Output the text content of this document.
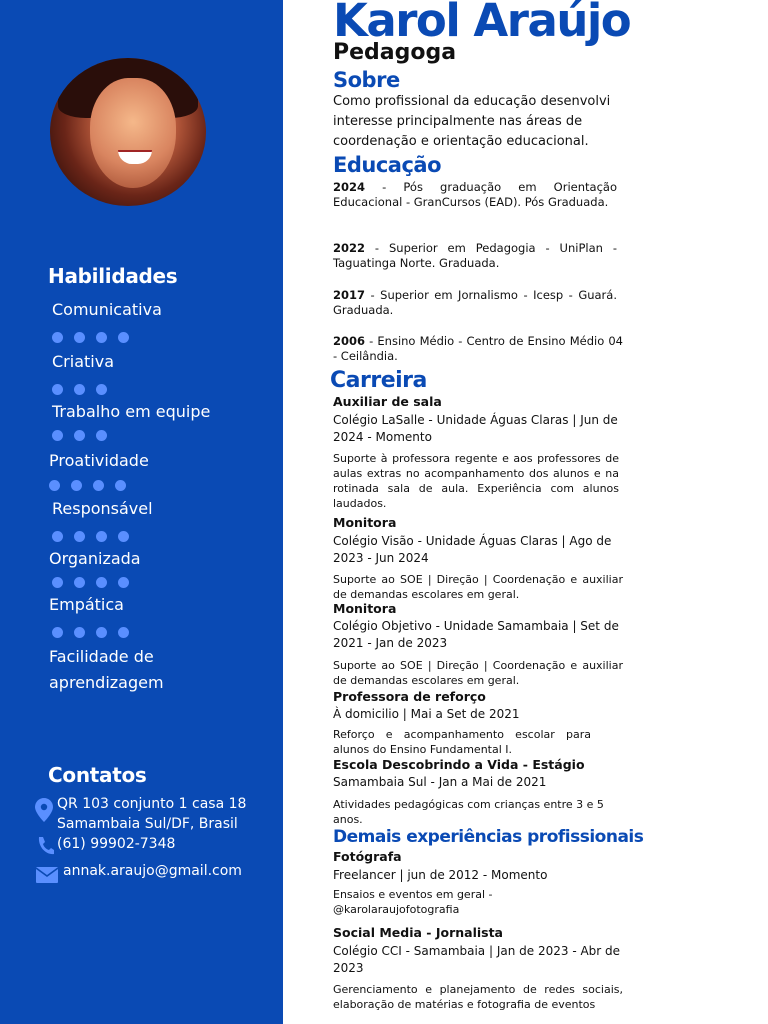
Habilidades
Comunicativa
Criativa
Trabalho em equipe
Proatividade
Responsável
Organizada
Empática
Facilidade de
aprendizagem
Contatos
QR 103 conjunto 1 casa 18
Samambaia Sul/DF, Brasil
(61) 99902-7348
annak.araujo@gmail.com
Karol Araújo
Pedagoga
Sobre
Como profissional da educação desenvolvi
interesse principalmente nas áreas de
coordenação e orientação educacional.
Educação
2024 - Pós graduação em Orientação Educacional - GranCursos (EAD). Pós Graduada.
2022 - Superior em Pedagogia - UniPlan - Taguatinga Norte. Graduada.
2017 - Superior em Jornalismo - Icesp - Guará. Graduada.
2006 - Ensino Médio - Centro de Ensino Médio 04 - Ceilândia.
Carreira
Auxiliar de sala
Colégio LaSalle - Unidade Águas Claras | Jun de 2024 - Momento
Suporte à professora regente e aos professores de aulas extras no acompanhamento dos alunos e na rotinada sala de aula. Experiência com alunos laudados.
Monitora
Colégio Visão - Unidade Águas Claras | Ago de 2023 - Jun 2024
Suporte ao SOE | Direção | Coordenação e auxiliar de demandas escolares em geral.
Monitora
Colégio Objetivo - Unidade Samambaia | Set de 2021 - Jan de 2023
Suporte ao SOE | Direção | Coordenação e auxiliar de demandas escolares em geral.
Professora de reforço
À domicilio | Mai a Set de 2021
Reforço e acompanhamento escolar para alunos do Ensino Fundamental I.
Escola Descobrindo a Vida - Estágio
Samambaia Sul - Jan a Mai de 2021
Atividades pedagógicas com crianças entre 3 e 5 anos.
Demais experiências profissionais
Fotógrafa
Freelancer | jun de 2012 - Momento
Ensaios e eventos em geral - @karolaraujofotografia
Social Media - Jornalista
Colégio CCI - Samambaia | Jan de 2023 - Abr de 2023
Gerenciamento e planejamento de redes sociais, elaboração de matérias e fotografia de eventos
